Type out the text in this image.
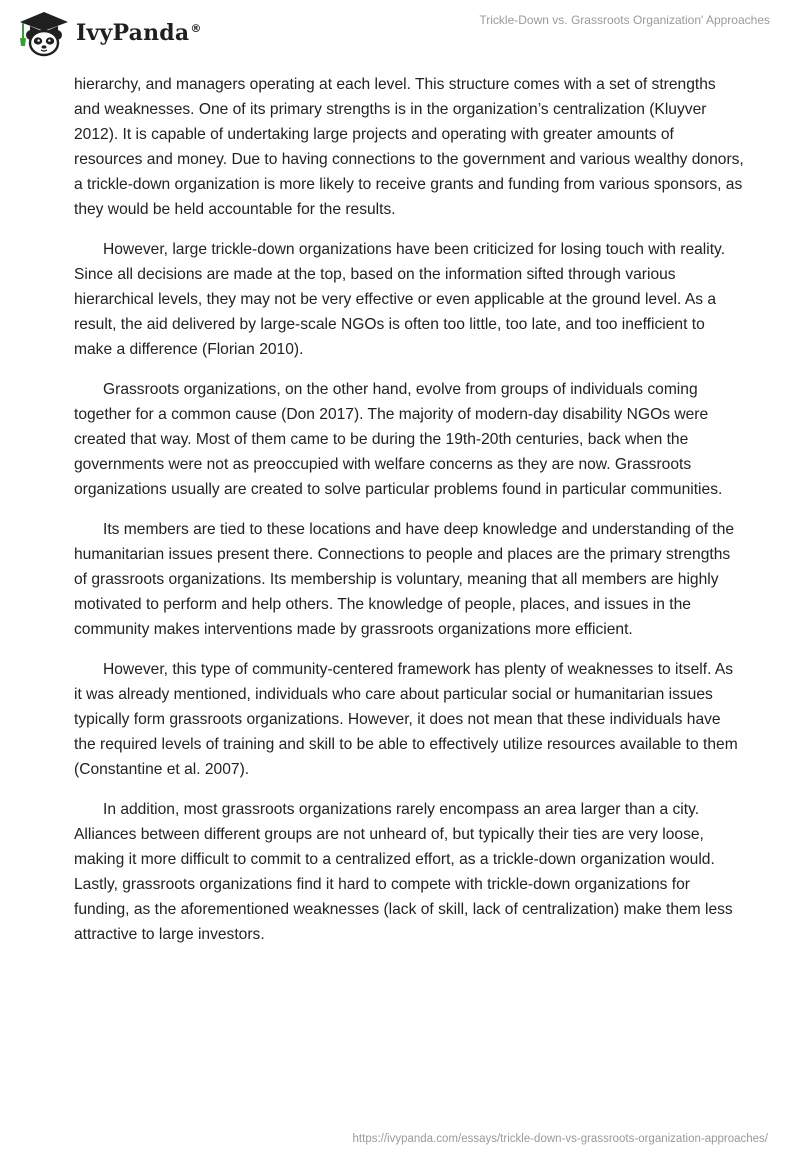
IvyPanda®
Trickle-Down vs. Grassroots Organization' Approaches

hierarchy, and managers operating at each level. This structure comes with a set of strengths and weaknesses. One of its primary strengths is in the organization’s centralization (Kluyver 2012). It is capable of undertaking large projects and operating with greater amounts of resources and money. Due to having connections to the government and various wealthy donors, a trickle-down organization is more likely to receive grants and funding from various sponsors, as they would be held accountable for the results.

However, large trickle-down organizations have been criticized for losing touch with reality. Since all decisions are made at the top, based on the information sifted through various hierarchical levels, they may not be very effective or even applicable at the ground level. As a result, the aid delivered by large-scale NGOs is often too little, too late, and too inefficient to make a difference (Florian 2010).

Grassroots organizations, on the other hand, evolve from groups of individuals coming together for a common cause (Don 2017). The majority of modern-day disability NGOs were created that way. Most of them came to be during the 19th-20th centuries, back when the governments were not as preoccupied with welfare concerns as they are now. Grassroots organizations usually are created to solve particular problems found in particular communities.

Its members are tied to these locations and have deep knowledge and understanding of the humanitarian issues present there. Connections to people and places are the primary strengths of grassroots organizations. Its membership is voluntary, meaning that all members are highly motivated to perform and help others. The knowledge of people, places, and issues in the community makes interventions made by grassroots organizations more efficient.

However, this type of community-centered framework has plenty of weaknesses to itself. As it was already mentioned, individuals who care about particular social or humanitarian issues typically form grassroots organizations. However, it does not mean that these individuals have the required levels of training and skill to be able to effectively utilize resources available to them (Constantine et al. 2007).

In addition, most grassroots organizations rarely encompass an area larger than a city. Alliances between different groups are not unheard of, but typically their ties are very loose, making it more difficult to commit to a centralized effort, as a trickle-down organization would. Lastly, grassroots organizations find it hard to compete with trickle-down organizations for funding, as the aforementioned weaknesses (lack of skill, lack of centralization) make them less attractive to large investors.

https://ivypanda.com/essays/trickle-down-vs-grassroots-organization-approaches/
